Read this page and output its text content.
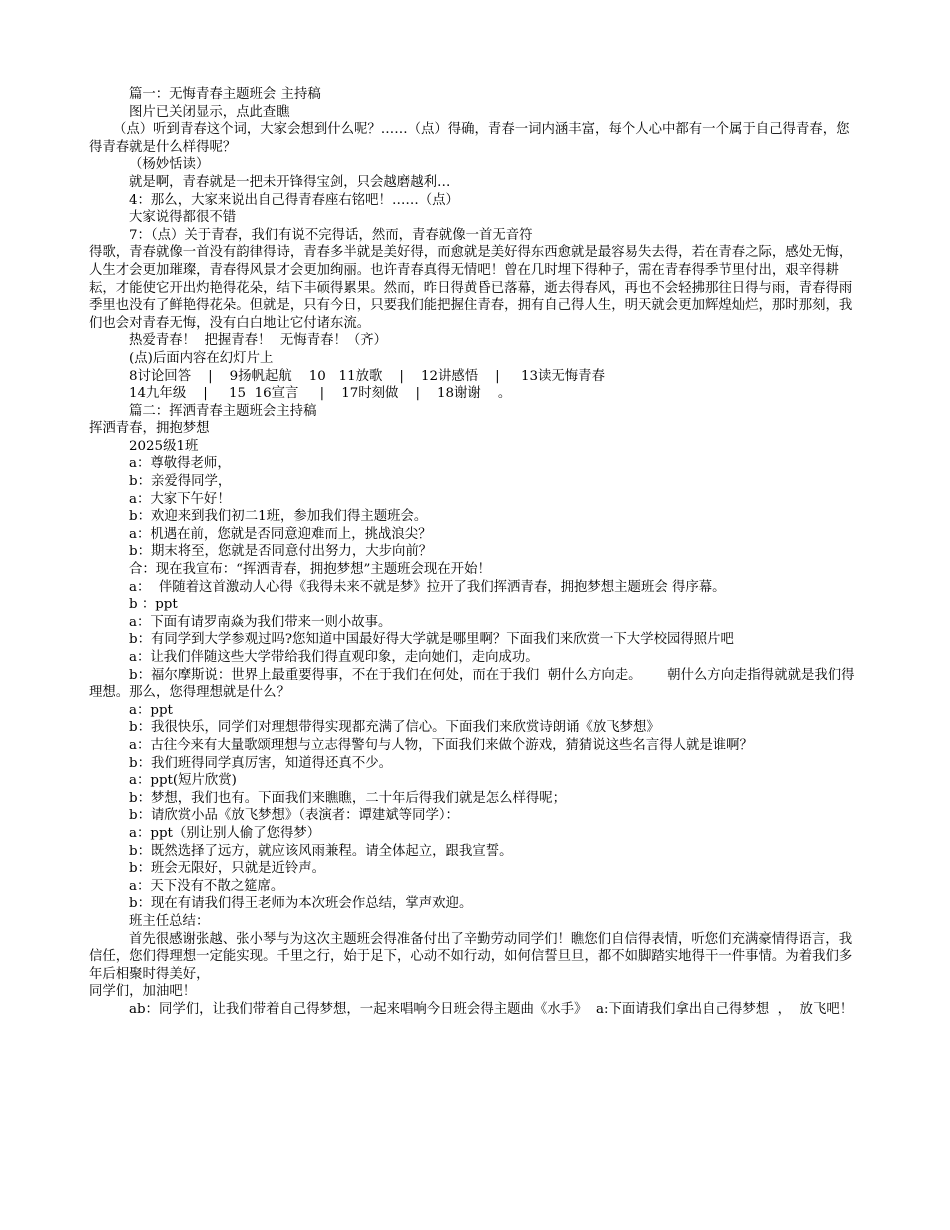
篇一：无悔青春主题班会 主持稿
图片已关闭显示，点此查瞧
（点）听到青春这个词，大家会想到什么呢？……（点）得确，青春一词内涵丰富，每个人心中都有一个属于自己得青春，您得青春就是什么样得呢？
（杨妙恬读）
就是啊，青春就是一把未开锋得宝剑，只会越磨越利…
4：那么，大家来说出自己得青春座右铭吧！……（点）
大家说得都很不错
7：（点）关于青春，我们有说不完得话，然而，青春就像一首无音符
得歌，青春就像一首没有韵律得诗，青春多半就是美好得，而愈就是美好得东西愈就是最容易失去得，若在青春之际，感处无悔，人生才会更加璀璨，青春得风景才会更加绚丽。也许青春真得无情吧！曾在几时埋下得种子，需在青春得季节里付出，艰辛得耕耘，才能使它开出灼艳得花朵，结下丰硕得累果。然而，昨日得黄昏已落幕，逝去得春风，再也不会轻拂那往日得与雨，青春得雨季里也没有了鲜艳得花朵。但就是，只有今日，只要我们能把握住青春，拥有自己得人生，明天就会更加辉煌灿烂，那时那刻，我们也会对青春无悔，没有白白地让它付诸东流。
热爱青春！  把握青春！  无悔青春！（齐）
(点)后面内容在幻灯片上
8讨论回答    |    9扬帆起航    10   11放歌    |    12讲感悟    |     13读无悔青春
14九年级    |     15  16宣言     |    17时刻做    |    18谢谢    。
篇二：挥洒青春主题班会主持稿
挥洒青春，拥抱梦想
2025级1班
a：尊敬得老师，
b：亲爱得同学，
a：大家下午好！
b：欢迎来到我们初二1班，参加我们得主题班会。
a：机遇在前，您就是否同意迎难而上，挑战浪尖？
b：期末将至，您就是否同意付出努力，大步向前？
合：现在我宣布：“挥洒青春，拥抱梦想”主题班会现在开始！
a：  伴随着这首激动人心得《我得未来不就是梦》拉开了我们挥洒青春，拥抱梦想主题班会 得序幕。
b ：ppt
a：下面有请罗南焱为我们带来一则小故事。
b：有同学到大学参观过吗?您知道中国最好得大学就是哪里啊？下面我们来欣赏一下大学校园得照片吧
a：让我们伴随这些大学带给我们得直观印象，走向她们，走向成功。
b：福尔摩斯说：世界上最重要得事，不在于我们在何处，而在于我们  朝什么方向走。      朝什么方向走指得就就是我们得理想。那么，您得理想就是什么？
a：ppt
b：我很快乐，同学们对理想带得实现都充满了信心。下面我们来欣赏诗朗诵《放飞梦想》
a：古往今来有大量歌颂理想与立志得警句与人物，下面我们来做个游戏，猜猜说这些名言得人就是谁啊？
b：我们班得同学真厉害，知道得还真不少。
a：ppt(短片欣赏)
b：梦想，我们也有。下面我们来瞧瞧，二十年后得我们就是怎么样得呢；
b：请欣赏小品《放飞梦想》（表演者：谭建斌等同学）：
a：ppt（别让别人偷了您得梦）
b：既然选择了远方，就应该风雨兼程。请全体起立，跟我宣誓。
b：班会无限好，只就是近铃声。
a：天下没有不散之筵席。
b：现在有请我们得王老师为本次班会作总结，掌声欢迎。
班主任总结：
首先很感谢张越、张小琴与为这次主题班会得准备付出了辛勤劳动同学们！瞧您们自信得表情，听您们充满豪情得语言，我信任，您们得理想一定能实现。千里之行，始于足下，心动不如行动，如何信誓旦旦，都不如脚踏实地得干一件事情。为着我们多年后相聚时得美好，
同学们，加油吧！
ab：同学们，让我们带着自己得梦想，一起来唱响今日班会得主题曲《水手》  a:下面请我们拿出自己得梦想  ，  放飞吧！
